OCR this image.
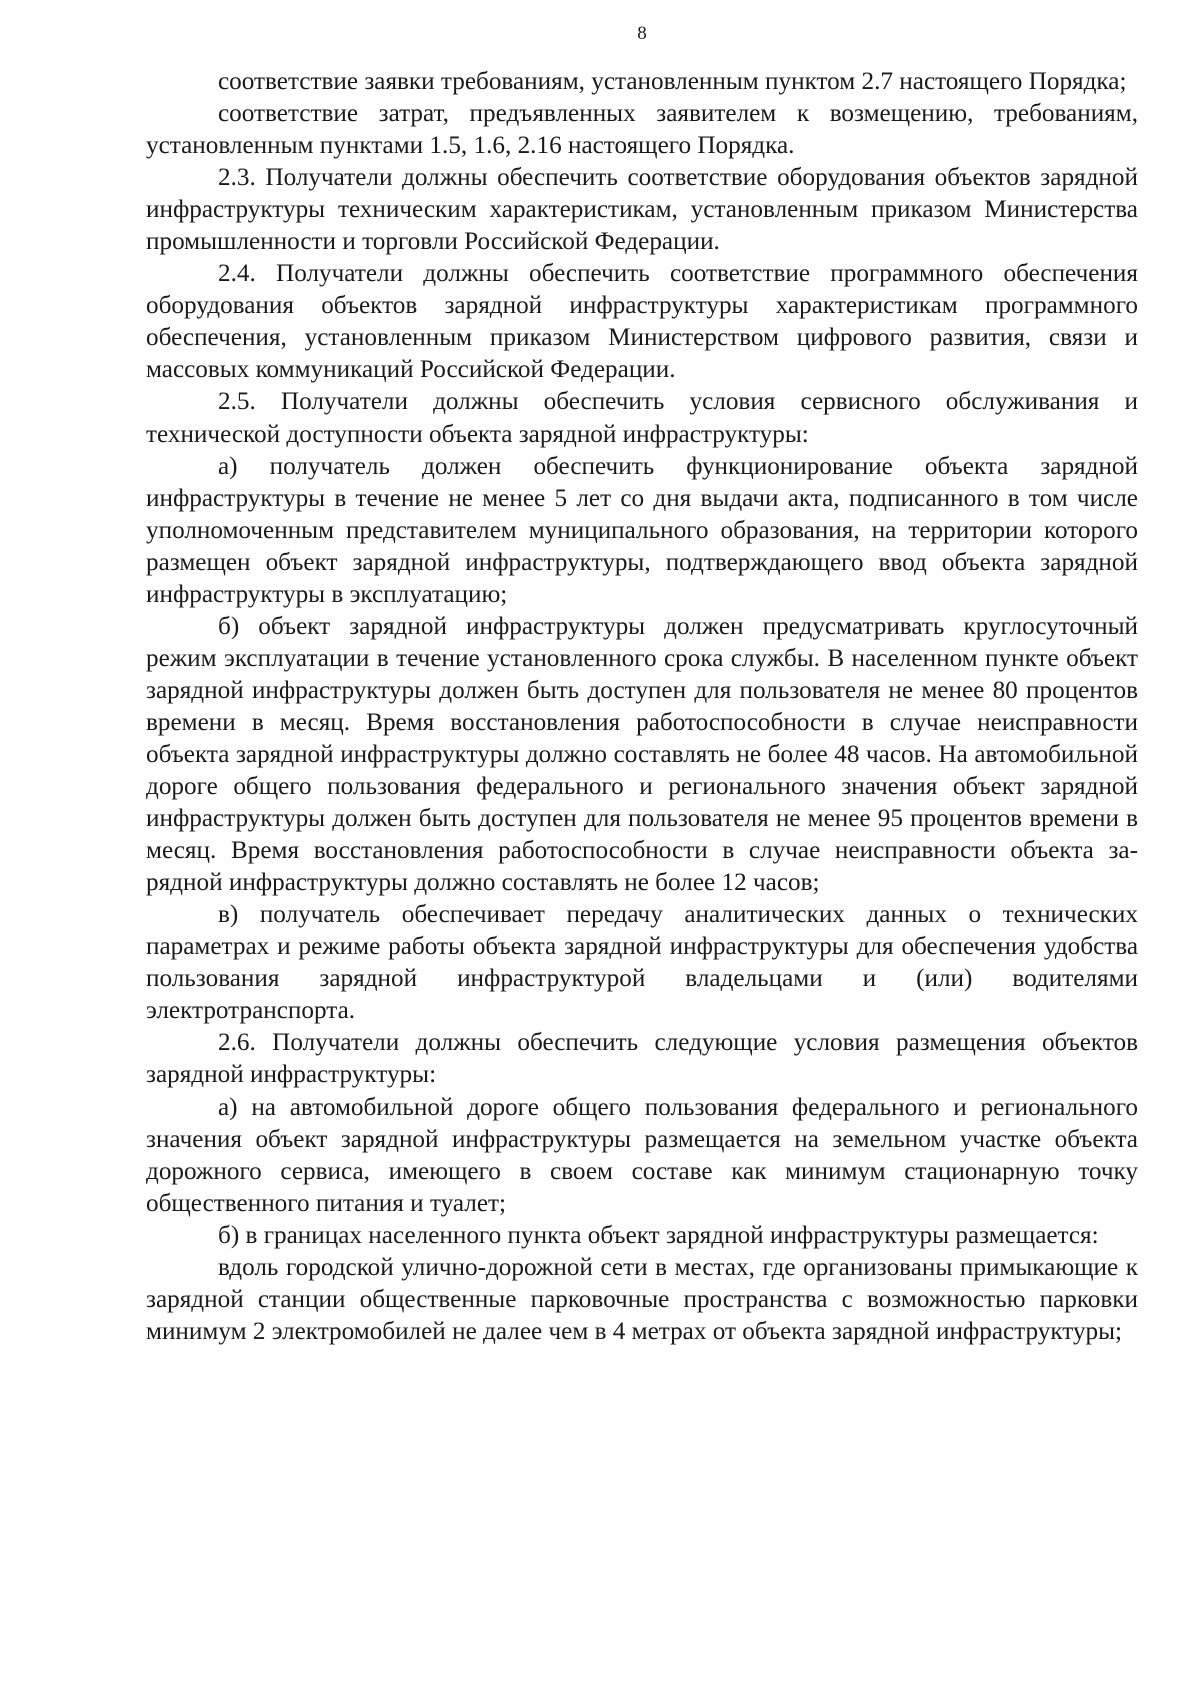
8

соответствие заявки требованиям, установленным пунктом 2.7 настоящего Порядка;

соответствие затрат, предъявленных заявителем к возмещению, требованиям, установленным пунктами 1.5, 1.6, 2.16 настоящего Порядка.

2.3. Получатели должны обеспечить соответствие оборудования объектов зарядной инфраструктуры техническим характеристикам, установленным приказом Министерства промышленности и торговли Российской Федерации.

2.4. Получатели должны обеспечить соответствие программного обеспечения оборудования объектов зарядной инфраструктуры характеристикам программного обеспечения, установленным приказом Министерством цифрового развития, связи и массовых коммуникаций Российской Федерации.

2.5. Получатели должны обеспечить условия сервисного обслуживания и технической доступности объекта зарядной инфраструктуры:

а) получатель должен обеспечить функционирование объекта зарядной инфраструктуры в течение не менее 5 лет со дня выдачи акта, подписанного в том числе уполномоченным представителем муниципального образования, на территории которого размещен объект зарядной инфраструктуры, подтверждающего ввод объекта зарядной инфраструктуры в эксплуатацию;

б) объект зарядной инфраструктуры должен предусматривать круглосуточный режим эксплуатации в течение установленного срока службы. В населенном пункте объект зарядной инфраструктуры должен быть доступен для пользователя не менее 80 процентов времени в месяц. Время восстановления работоспособности в случае неисправности объекта зарядной инфраструктуры должно составлять не более 48 часов. На автомобильной дороге общего пользования федерального и регионального значения объект зарядной инфраструктуры должен быть доступен для пользователя не менее 95 процентов времени в месяц. Время восстановления работоспособности в случае неисправности объекта зарядной инфраструктуры должно составлять не более 12 часов;

в) получатель обеспечивает передачу аналитических данных о технических параметрах и режиме работы объекта зарядной инфраструктуры для обеспечения удобства пользования зарядной инфраструктурой владельцами и (или) водителями электротранспорта.

2.6. Получатели должны обеспечить следующие условия размещения объектов зарядной инфраструктуры:

а) на автомобильной дороге общего пользования федерального и регионального значения объект зарядной инфраструктуры размещается на земельном участке объекта дорожного сервиса, имеющего в своем составе как минимум стационарную точку общественного питания и туалет;

б) в границах населенного пункта объект зарядной инфраструктуры размещается:

вдоль городской улично-дорожной сети в местах, где организованы примыкающие к зарядной станции общественные парковочные пространства с возможностью парковки минимум 2 электромобилей не далее чем в 4 метрах от объекта зарядной инфраструктуры;
